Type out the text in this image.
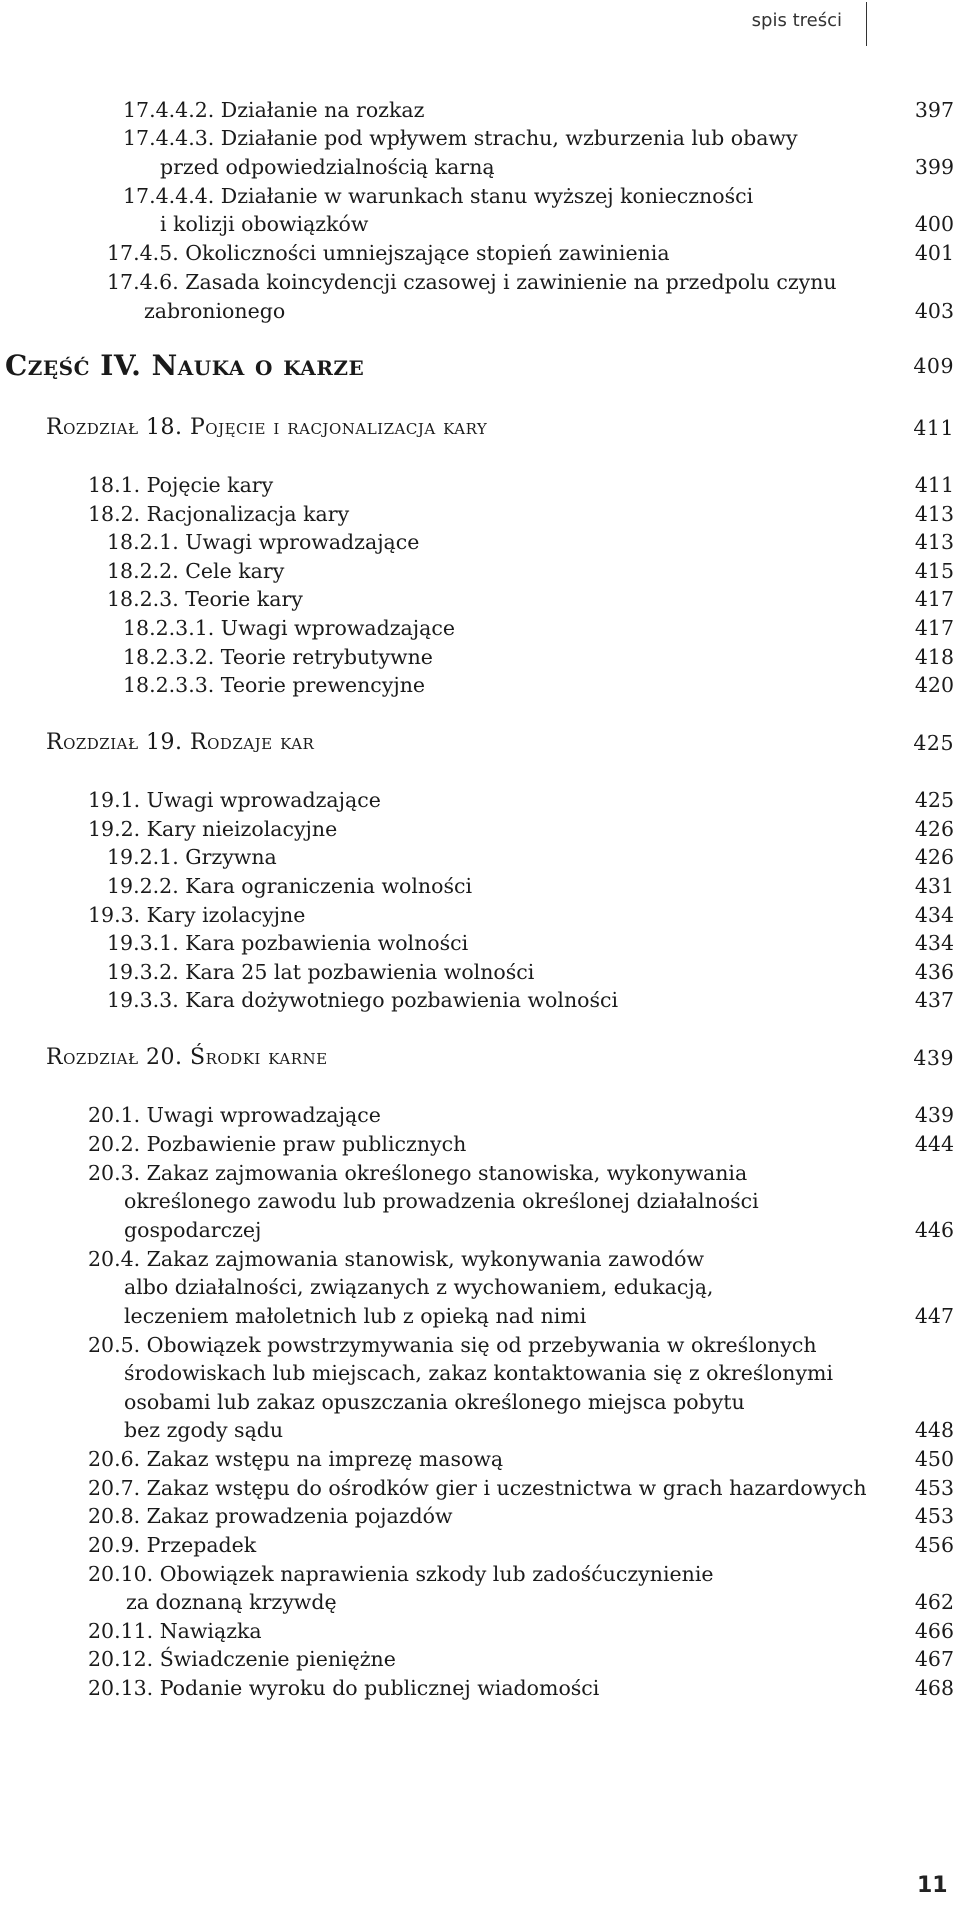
spis treści
17.4.4.2. Działanie na rozkaz	397
17.4.4.3. Działanie pod wpływem strachu, wzburzenia lub obawy
przed odpowiedzialnością karną	399
17.4.4.4. Działanie w warunkach stanu wyższej konieczności
i kolizji obowiązków	400
17.4.5. Okoliczności umniejszające stopień zawinienia	401
17.4.6. Zasada koincydencji czasowej i zawinienie na przedpolu czynu
zabronionego	403
Część IV. Nauka o karze	409
Rozdział 18. Pojęcie i racjonalizacja kary	411
18.1. Pojęcie kary	411
18.2. Racjonalizacja kary	413
18.2.1. Uwagi wprowadzające	413
18.2.2. Cele kary	415
18.2.3. Teorie kary	417
18.2.3.1. Uwagi wprowadzające	417
18.2.3.2. Teorie retrybutywne	418
18.2.3.3. Teorie prewencyjne	420
Rozdział 19. Rodzaje kar	425
19.1. Uwagi wprowadzające	425
19.2. Kary nieizolacyjne	426
19.2.1. Grzywna	426
19.2.2. Kara ograniczenia wolności	431
19.3. Kary izolacyjne	434
19.3.1. Kara pozbawienia wolności	434
19.3.2. Kara 25 lat pozbawienia wolności	436
19.3.3. Kara dożywotniego pozbawienia wolności	437
Rozdział 20. Środki karne	439
20.1. Uwagi wprowadzające	439
20.2. Pozbawienie praw publicznych	444
20.3. Zakaz zajmowania określonego stanowiska, wykonywania
określonego zawodu lub prowadzenia określonej działalności
gospodarczej	446
20.4. Zakaz zajmowania stanowisk, wykonywania zawodów
albo działalności, związanych z wychowaniem, edukacją,
leczeniem małoletnich lub z opieką nad nimi	447
20.5. Obowiązek powstrzymywania się od przebywania w określonych
środowiskach lub miejscach, zakaz kontaktowania się z określonymi
osobami lub zakaz opuszczania określonego miejsca pobytu
bez zgody sądu	448
20.6. Zakaz wstępu na imprezę masową	450
20.7. Zakaz wstępu do ośrodków gier i uczestnictwa w grach hazardowych	453
20.8. Zakaz prowadzenia pojazdów	453
20.9. Przepadek	456
20.10. Obowiązek naprawienia szkody lub zadośćuczynienie
za doznaną krzywdę	462
20.11. Nawiązka	466
20.12. Świadczenie pieniężne	467
20.13. Podanie wyroku do publicznej wiadomości	468
11
